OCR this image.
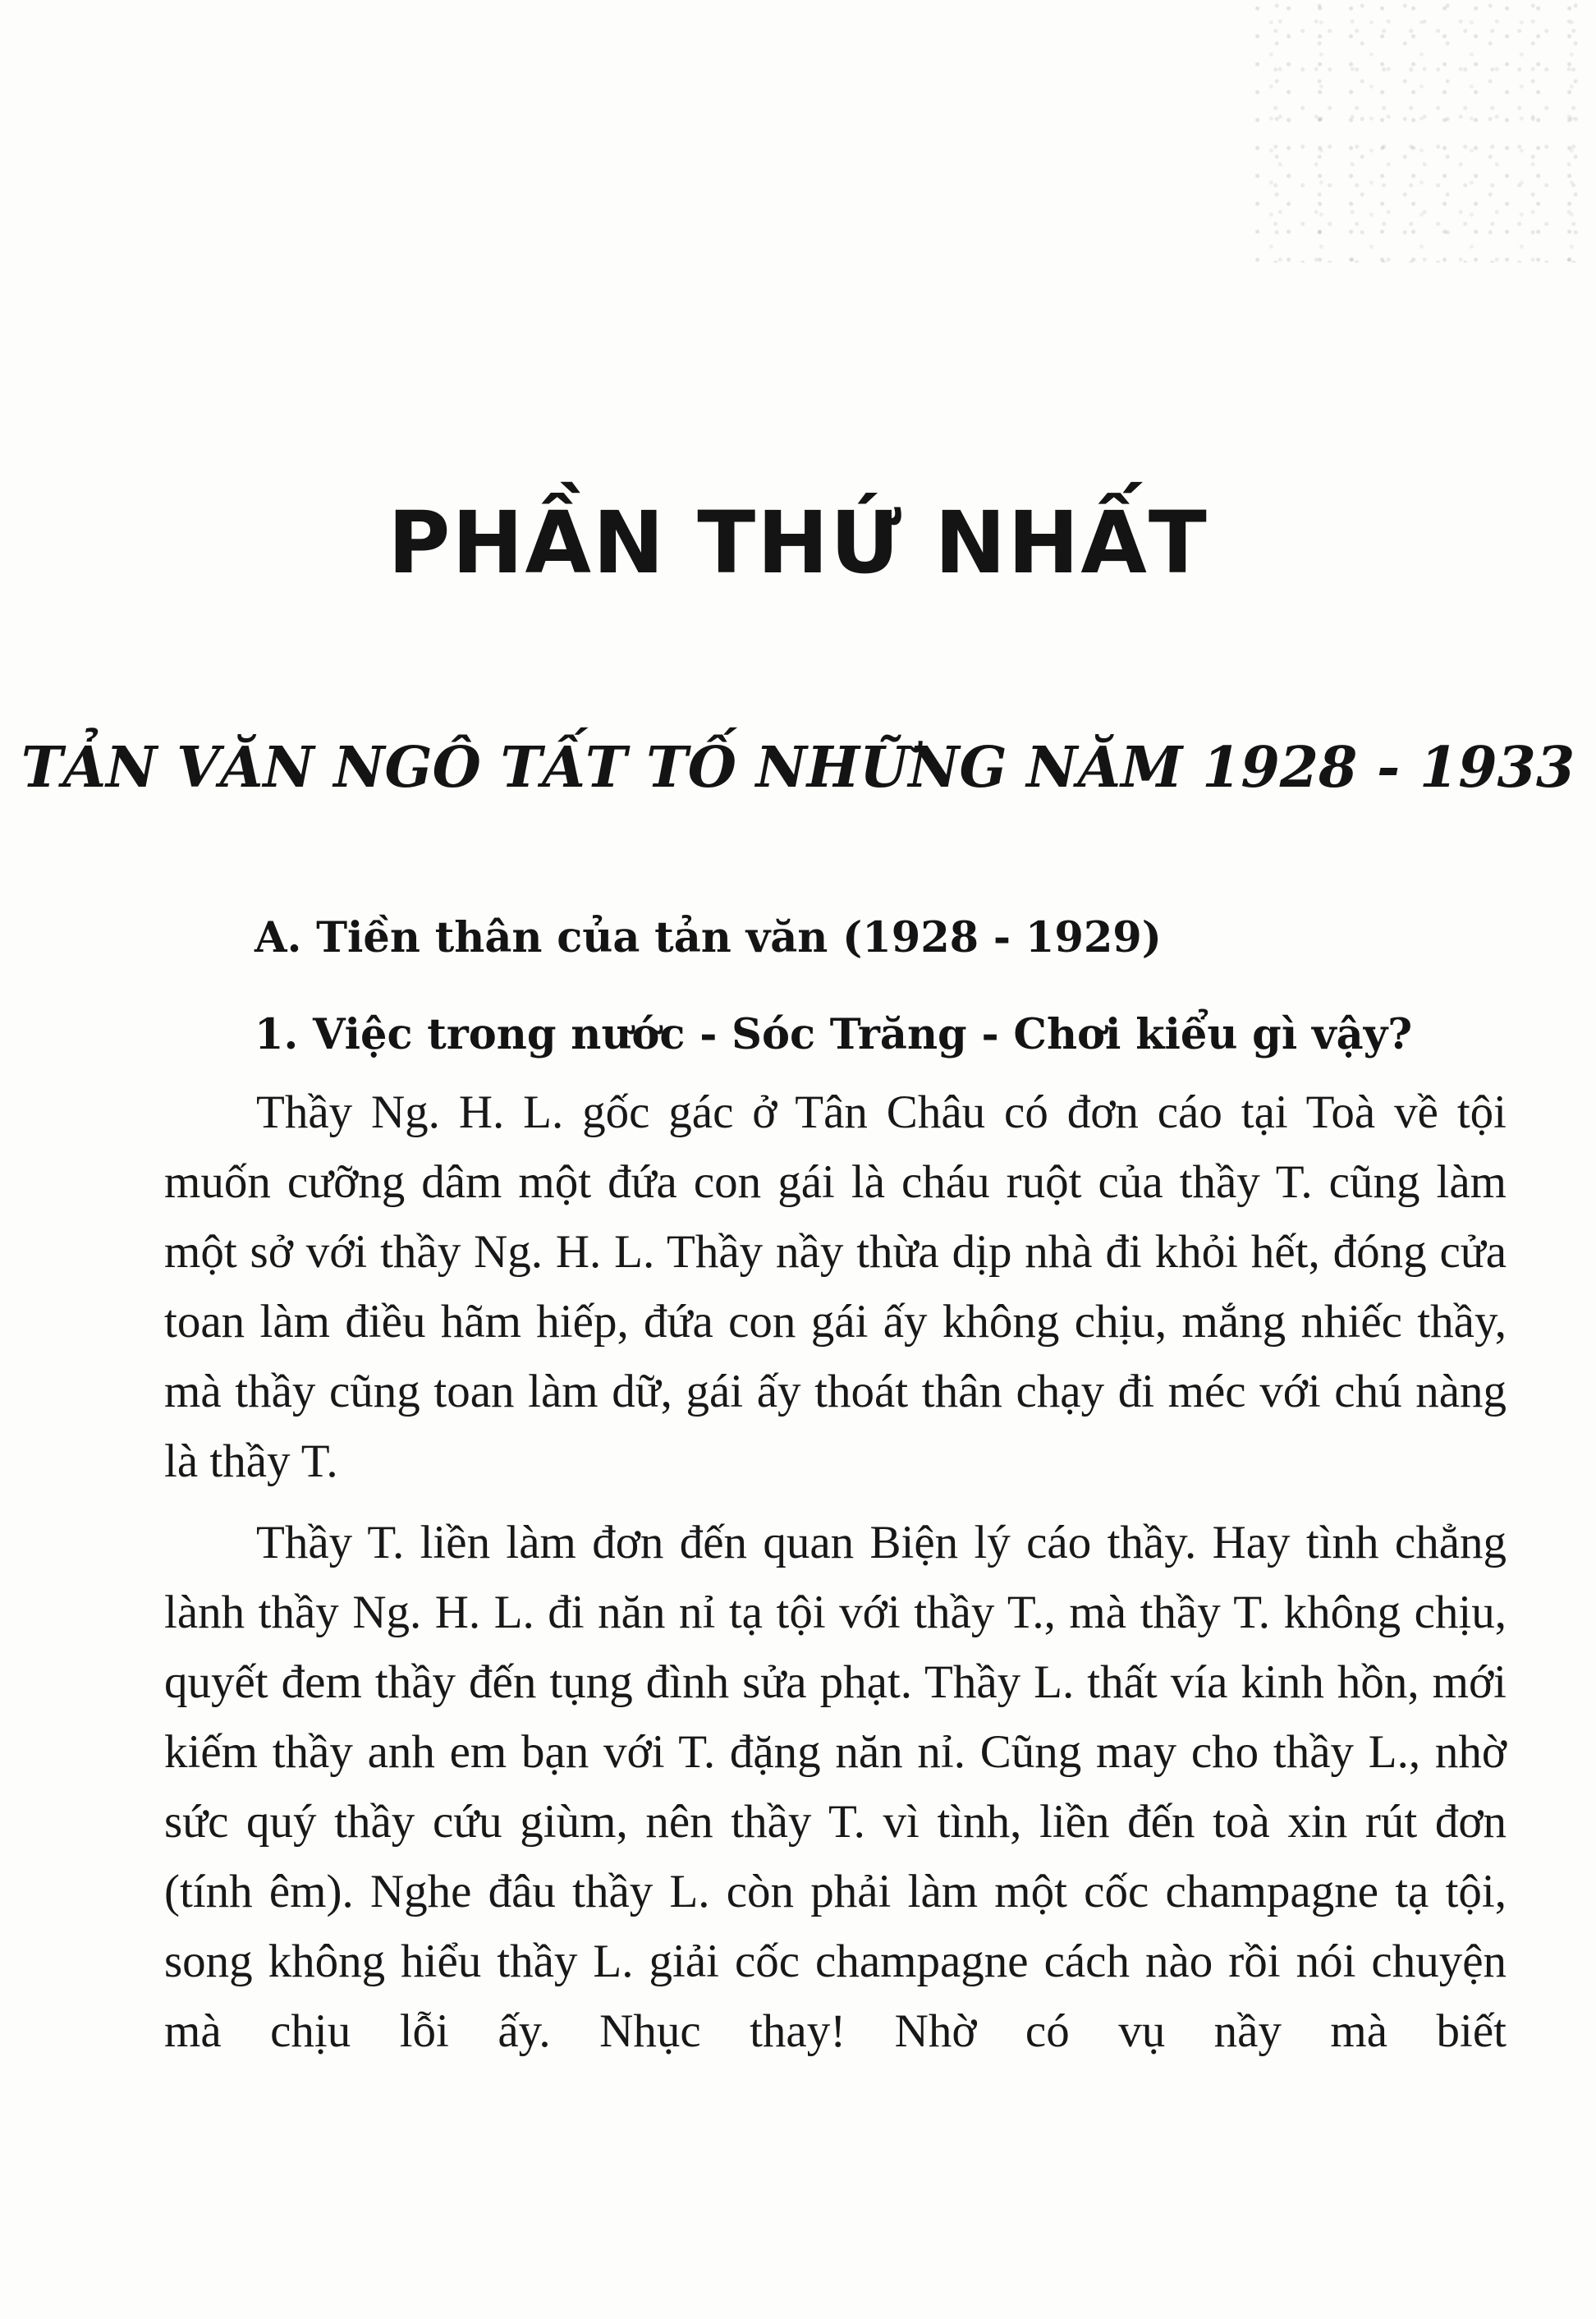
PHẦN THỨ NHẤT
TẢN VĂN NGÔ TẤT TỐ NHỮNG NĂM 1928 - 1933
A. Tiền thân của tản văn (1928 - 1929)
1. Việc trong nước - Sóc Trăng - Chơi kiểu gì vậy?

Thầy Ng. H. L. gốc gác ở Tân Châu có đơn cáo tại Toà về tội muốn cưỡng dâm một đứa con gái là cháu ruột của thầy T. cũng làm một sở với thầy Ng. H. L. Thầy nầy thừa dịp nhà đi khỏi hết, đóng cửa toan làm điều hãm hiếp, đứa con gái ấy không chịu, mắng nhiếc thầy, mà thầy cũng toan làm dữ, gái ấy thoát thân chạy đi méc với chú nàng là thầy T.

Thầy T. liền làm đơn đến quan Biện lý cáo thầy. Hay tình chẳng lành thầy Ng. H. L. đi năn nỉ tạ tội với thầy T., mà thầy T. không chịu, quyết đem thầy đến tụng đình sửa phạt. Thầy L. thất vía kinh hồn, mới kiếm thầy anh em bạn với T. đặng năn nỉ. Cũng may cho thầy L., nhờ sức quý thầy cứu giùm, nên thầy T. vì tình, liền đến toà xin rút đơn (tính êm). Nghe đâu thầy L. còn phải làm một cốc champagne tạ tội, song không hiểu thầy L. giải cốc champagne cách nào rồi nói chuyện mà chịu lỗi ấy. Nhục thay! Nhờ có vụ nầy mà biết
